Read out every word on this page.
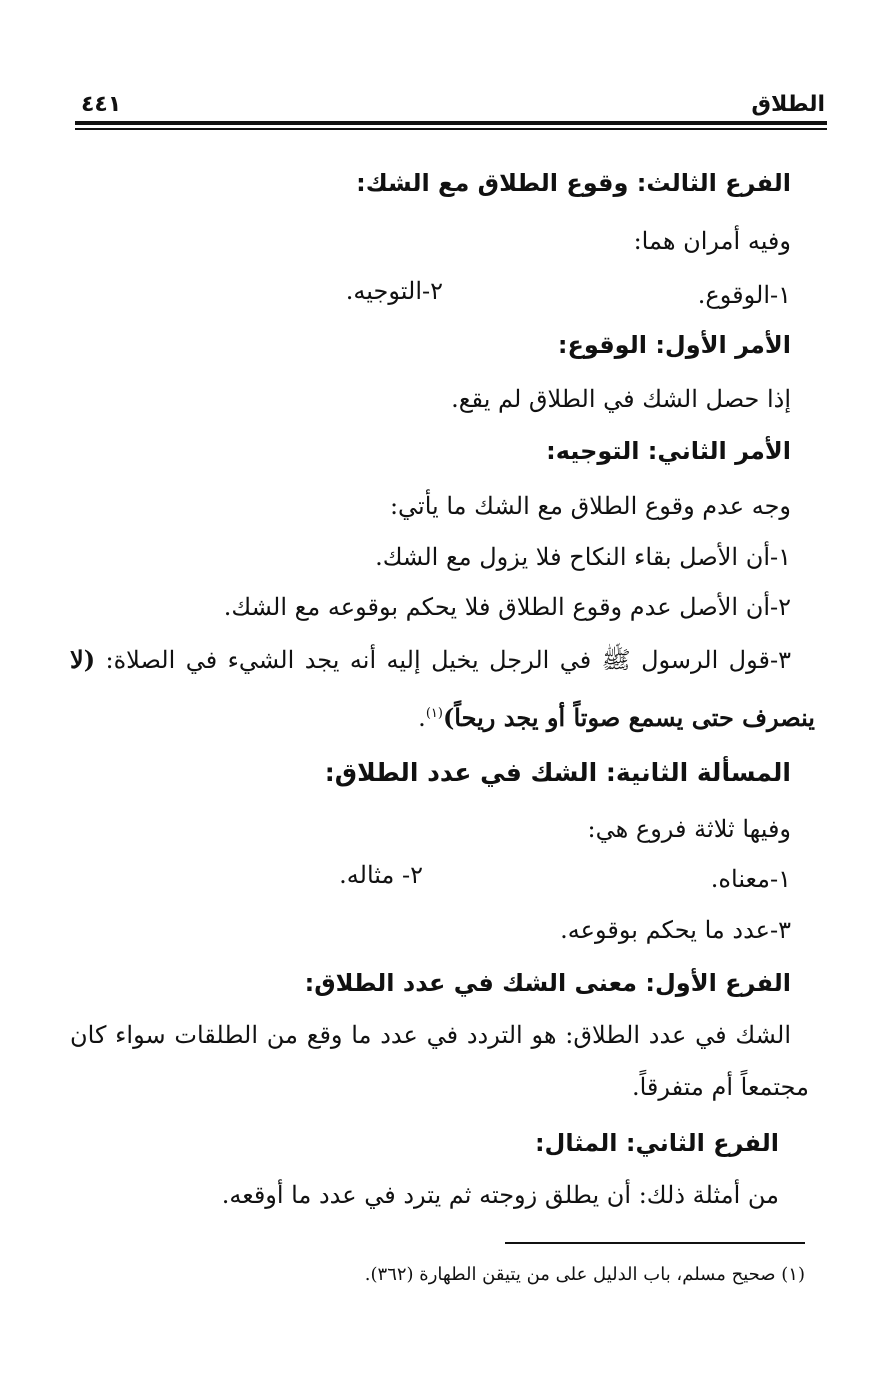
الطلاق
٤٤١
الفرع الثالث: وقوع الطلاق مع الشك:
وفيه أمران هما:
١-الوقوع.
٢-التوجيه.
الأمر الأول: الوقوع:
إذا حصل الشك في الطلاق لم يقع.
الأمر الثاني: التوجيه:
وجه عدم وقوع الطلاق مع الشك ما يأتي:
١-أن الأصل بقاء النكاح فلا يزول مع الشك.
٢-أن الأصل عدم وقوع الطلاق فلا يحكم بوقوعه مع الشك.
٣-قول الرسول ﷺ في الرجل يخيل إليه أنه يجد الشيء في الصلاة: (لا
ينصرف حتى يسمع صوتاً أو يجد ريحاً)$^{(١)}$.
المسألة الثانية: الشك في عدد الطلاق:
وفيها ثلاثة فروع هي:
١-معناه.
٢- مثاله.
٣-عدد ما يحكم بوقوعه.
الفرع الأول: معنى الشك في عدد الطلاق:
الشك في عدد الطلاق: هو التردد في عدد ما وقع من الطلقات سواء كان
مجتمعاً أم متفرقاً.
الفرع الثاني: المثال:
من أمثلة ذلك: أن يطلق زوجته ثم يترد في عدد ما أوقعه.
(١) صحيح مسلم، باب الدليل على من يتيقن الطهارة (٣٦٢).
